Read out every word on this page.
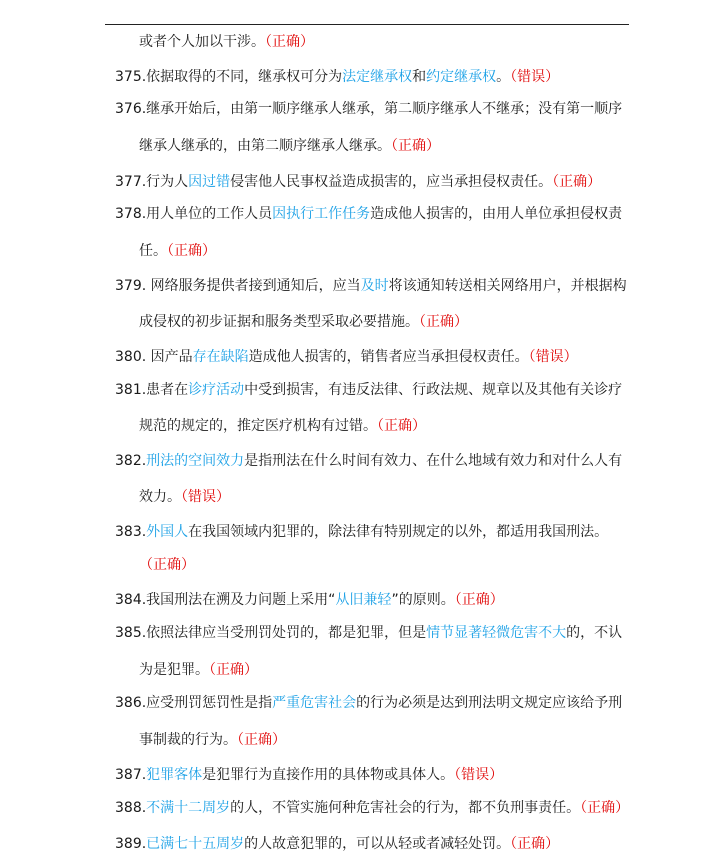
或者个人加以干涉。（正确）
375.依据取得的不同，继承权可分为法定继承权和约定继承权。（错误）
376.继承开始后，由第一顺序继承人继承，第二顺序继承人不继承；没有第一顺序
继承人继承的，由第二顺序继承人继承。（正确）
377.行为人因过错侵害他人民事权益造成损害的，应当承担侵权责任。（正确）
378.用人单位的工作人员因执行工作任务造成他人损害的，由用人单位承担侵权责
任。（正确）
379. 网络服务提供者接到通知后，应当及时将该通知转送相关网络用户，并根据构
成侵权的初步证据和服务类型采取必要措施。（正确）
380. 因产品存在缺陷造成他人损害的，销售者应当承担侵权责任。（错误）
381.患者在诊疗活动中受到损害，有违反法律、行政法规、规章以及其他有关诊疗
规范的规定的，推定医疗机构有过错。（正确）
382.刑法的空间效力是指刑法在什么时间有效力、在什么地域有效力和对什么人有
效力。（错误）
383.外国人在我国领域内犯罪的，除法律有特别规定的以外，都适用我国刑法。
（正确）
384.我国刑法在溯及力问题上采用“从旧兼轻”的原则。（正确）
385.依照法律应当受刑罚处罚的，都是犯罪，但是情节显著轻微危害不大的，不认
为是犯罪。（正确）
386.应受刑罚惩罚性是指严重危害社会的行为必须是达到刑法明文规定应该给予刑
事制裁的行为。（正确）
387.犯罪客体是犯罪行为直接作用的具体物或具体人。（错误）
388.不满十二周岁的人，不管实施何种危害社会的行为，都不负刑事责任。（正确）
389.已满七十五周岁的人故意犯罪的，可以从轻或者减轻处罚。（正确）
